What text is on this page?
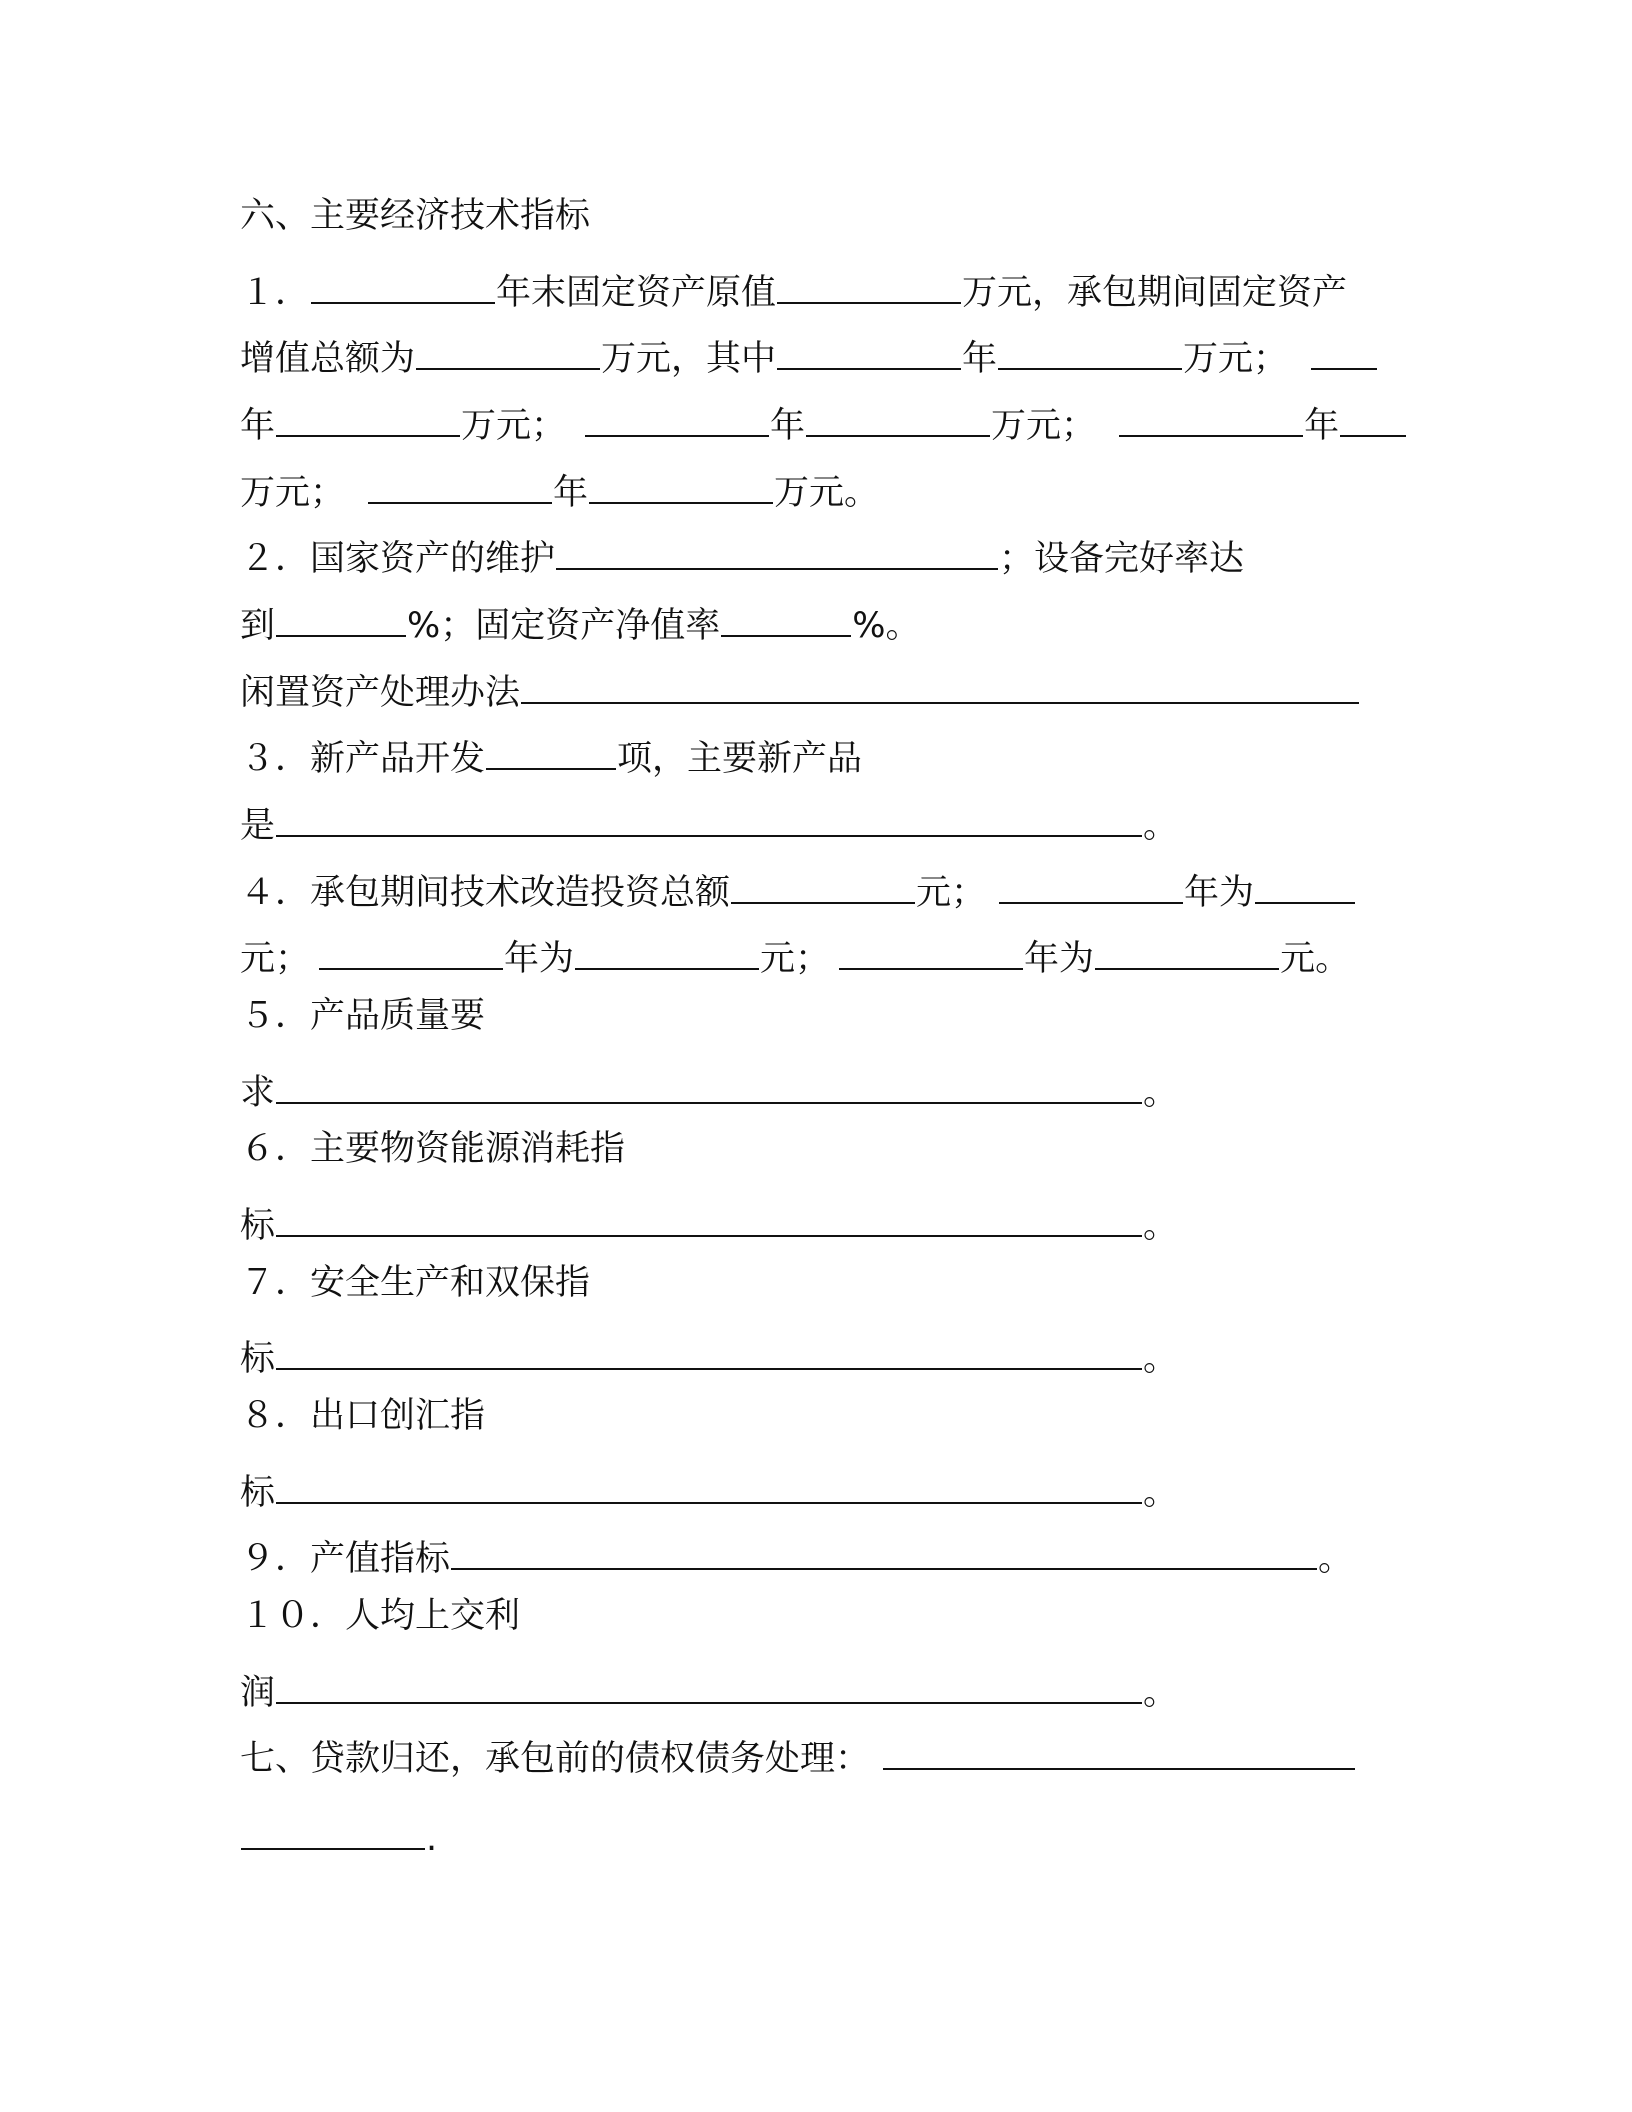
六、主要经济技术指标
１．	年末固定资产原值	万元，承包期间固定资产
增值总额为	万元，其中	年	万元；
年	万元；	年	万元；	年
万元；	年	万元。
２．国家资产的维护	；设备完好率达
到	%；固定资产净值率	%。
闲置资产处理办法
３．新产品开发	项，主要新产品
是	。
４．承包期间技术改造投资总额	元；	年为
元；	年为	元；	年为	元。
５．产品质量要
求	。
６．主要物资能源消耗指
标	。
７．安全生产和双保指
标	。
８．出口创汇指
标	。
９．产值指标	。
１０．人均上交利
润	。
七、贷款归还，承包前的债权债务处理：
.
